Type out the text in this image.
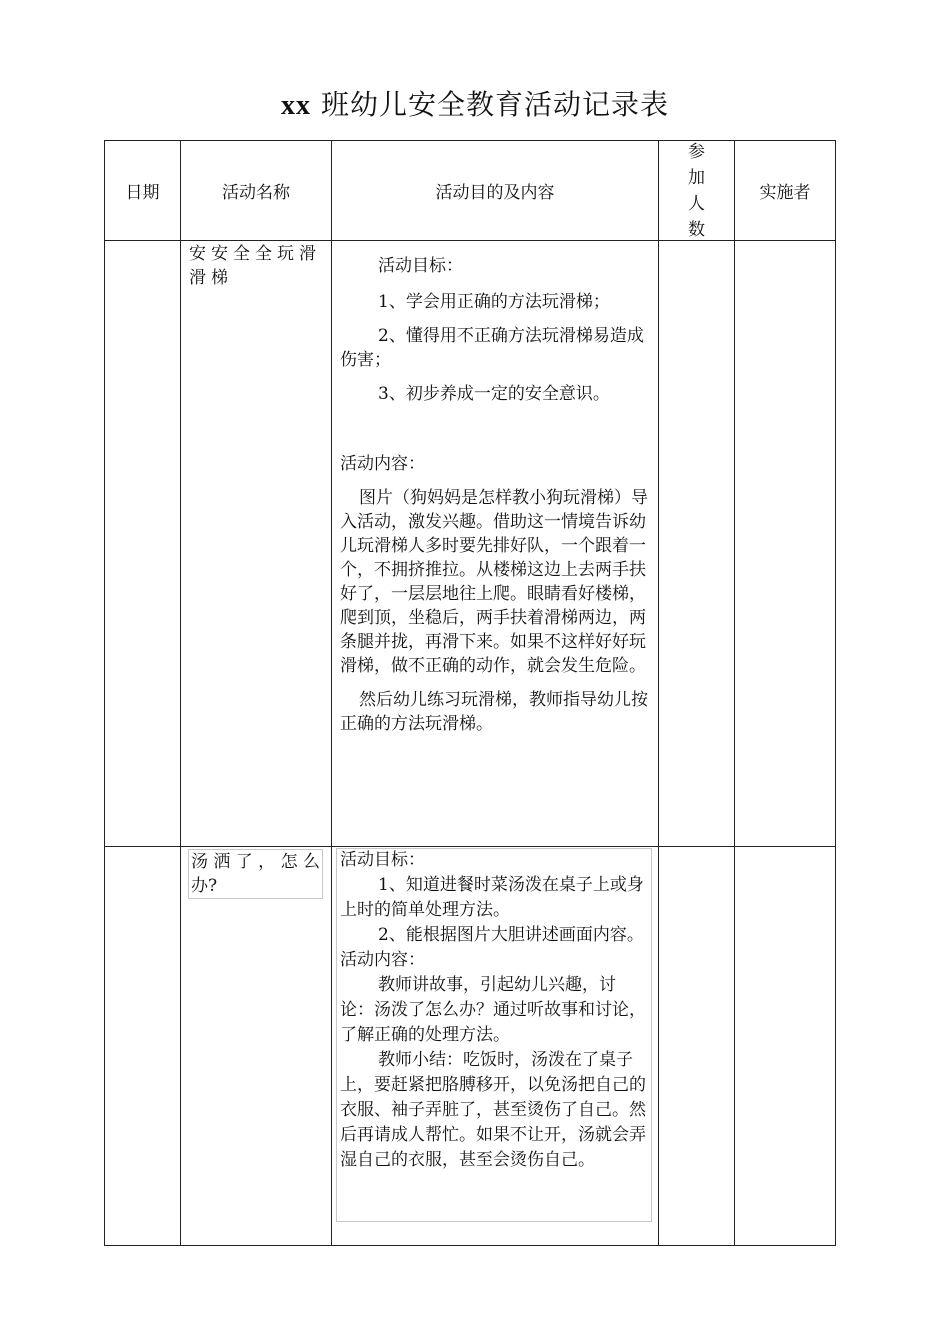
xx 班幼儿安全教育活动记录表
日期	活动名称	活动目的及内容
参 加
人 数
实施者
安安全全玩滑滑梯

活动目标：

1、学会用正确的方法玩滑梯；

2、懂得用不正确方法玩滑梯易造成伤害；

3、初步养成一定的安全意识。

活动内容：

图片（狗妈妈是怎样教小狗玩滑梯）导入活动，激发兴趣。借助这一情境告诉幼儿玩滑梯人多时要先排好队，一个跟着一个，不拥挤推拉。从楼梯这边上去两手扶好了，一层层地往上爬。眼睛看好楼梯，爬到顶，坐稳后，两手扶着滑梯两边，两条腿并拢，再滑下来。如果不这样好好玩滑梯，做不正确的动作，就会发生危险。

然后幼儿练习玩滑梯，教师指导幼儿按正确的方法玩滑梯。

汤 洒 了 ， 怎 么
办?

活动目标：

1、知道进餐时菜汤泼在桌子上或身上时的简单处理方法。

2、能根据图片大胆讲述画面内容。

活动内容：

教师讲故事，引起幼儿兴趣，讨论：汤泼了怎么办？通过听故事和讨论，了解正确的处理方法。

教师小结：吃饭时，汤泼在了桌子上，要赶紧把胳膊移开，以免汤把自己的衣服、袖子弄脏了，甚至烫伤了自己。然后再请成人帮忙。如果不让开，汤就会弄湿自己的衣服，甚至会烫伤自己。
